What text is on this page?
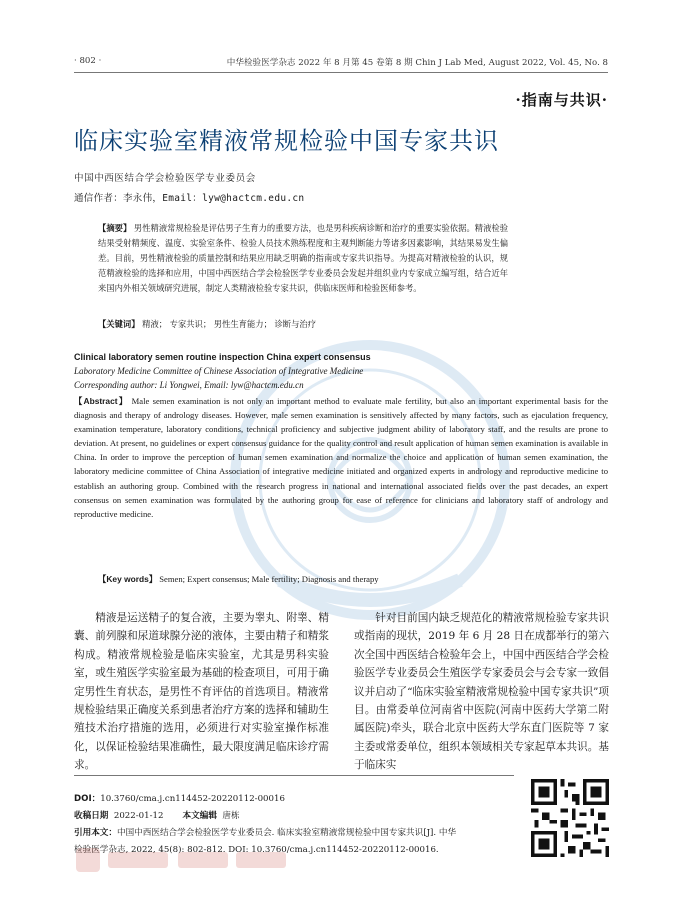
· 802 ·	中华检验医学杂志 2022 年 8 月第 45 卷第 8 期 Chin J Lab Med, August 2022, Vol. 45, No. 8
·指南与共识·
临床实验室精液常规检验中国专家共识
中国中西医结合学会检验医学专业委员会
通信作者：李永伟，Email：lyw@hactcm.edu.cn

【摘要】 男性精液常规检验是评估男子生育力的重要方法，也是男科疾病诊断和治疗的重要实验依据。精液检验结果受射精频度、温度、实验室条件、检验人员技术熟练程度和主观判断能力等诸多因素影响，其结果易发生偏差。目前，男性精液检验的质量控制和结果应用缺乏明确的指南或专家共识指导。为提高对精液检验的认识，规范精液检验的选择和应用，中国中西医结合学会检验医学专业委员会发起并组织业内专家成立编写组，结合近年来国内外相关领域研究进展，制定人类精液检验专家共识，供临床医师和检验医师参考。

【关键词】 精液； 专家共识； 男性生育能力； 诊断与治疗
Clinical laboratory semen routine inspection China expert consensus
Laboratory Medicine Committee of Chinese Association of Integrative Medicine
Corresponding author: Li Yongwei, Email: lyw@hactcm.edu.cn

【Abstract】 Male semen examination is not only an important method to evaluate male fertility, but also an important experimental basis for the diagnosis and therapy of andrology diseases. However, male semen examination is sensitively affected by many factors, such as ejaculation frequency, examination temperature, laboratory conditions, technical proficiency and subjective judgment ability of laboratory staff, and the results are prone to deviation. At present, no guidelines or expert consensus guidance for the quality control and result application of human semen examination is available in China. In order to improve the perception of human semen examination and normalize the choice and application of human semen examination, the laboratory medicine committee of China Association of integrative medicine initiated and organized experts in andrology and reproductive medicine to establish an authoring group. Combined with the research progress in national and international associated fields over the past decades, an expert consensus on semen examination was formulated by the authoring group for ease of reference for clinicians and laboratory staff of andrology and reproductive medicine.

【Key words】 Semen; Expert consensus; Male fertility; Diagnosis and therapy

精液是运送精子的复合液，主要为睾丸、附睾、精囊、前列腺和尿道球腺分泌的液体，主要由精子和精浆构成。精液常规检验是临床实验室，尤其是男科实验室，或生殖医学实验室最为基础的检查项目，可用于确定男性生育状态，是男性不育评估的首选项目。精液常规检验结果正确度关系到患者治疗方案的选择和辅助生殖技术治疗措施的选用，必须进行对实验室操作标准化，以保证检验结果准确性，最大限度满足临床诊疗需求。

针对目前国内缺乏规范化的精液常规检验专家共识或指南的现状，2019 年 6 月 28 日在成都举行的第六次全国中西医结合检验年会上，中国中西医结合学会检验医学专业委员会生殖医学专家委员会与会专家一致倡议并启动了“临床实验室精液常规检验中国专家共识”项目。由常委单位河南省中医院(河南中医药大学第二附属医院)牵头，联合北京中医药大学东直门医院等 7 家主委或常委单位，组织本领域相关专家起草本共识。基于临床实

DOI：10.3760/cma.j.cn114452-20220112-00016
收稿日期 2022-01-12 本文编辑 唐栋
引用本文：中国中西医结合学会检验医学专业委员会. 临床实验室精液常规检验中国专家共识[J]. 中华
检验医学杂志, 2022, 45(8): 802-812. DOI: 10.3760/cma.j.cn114452-20220112-00016.
